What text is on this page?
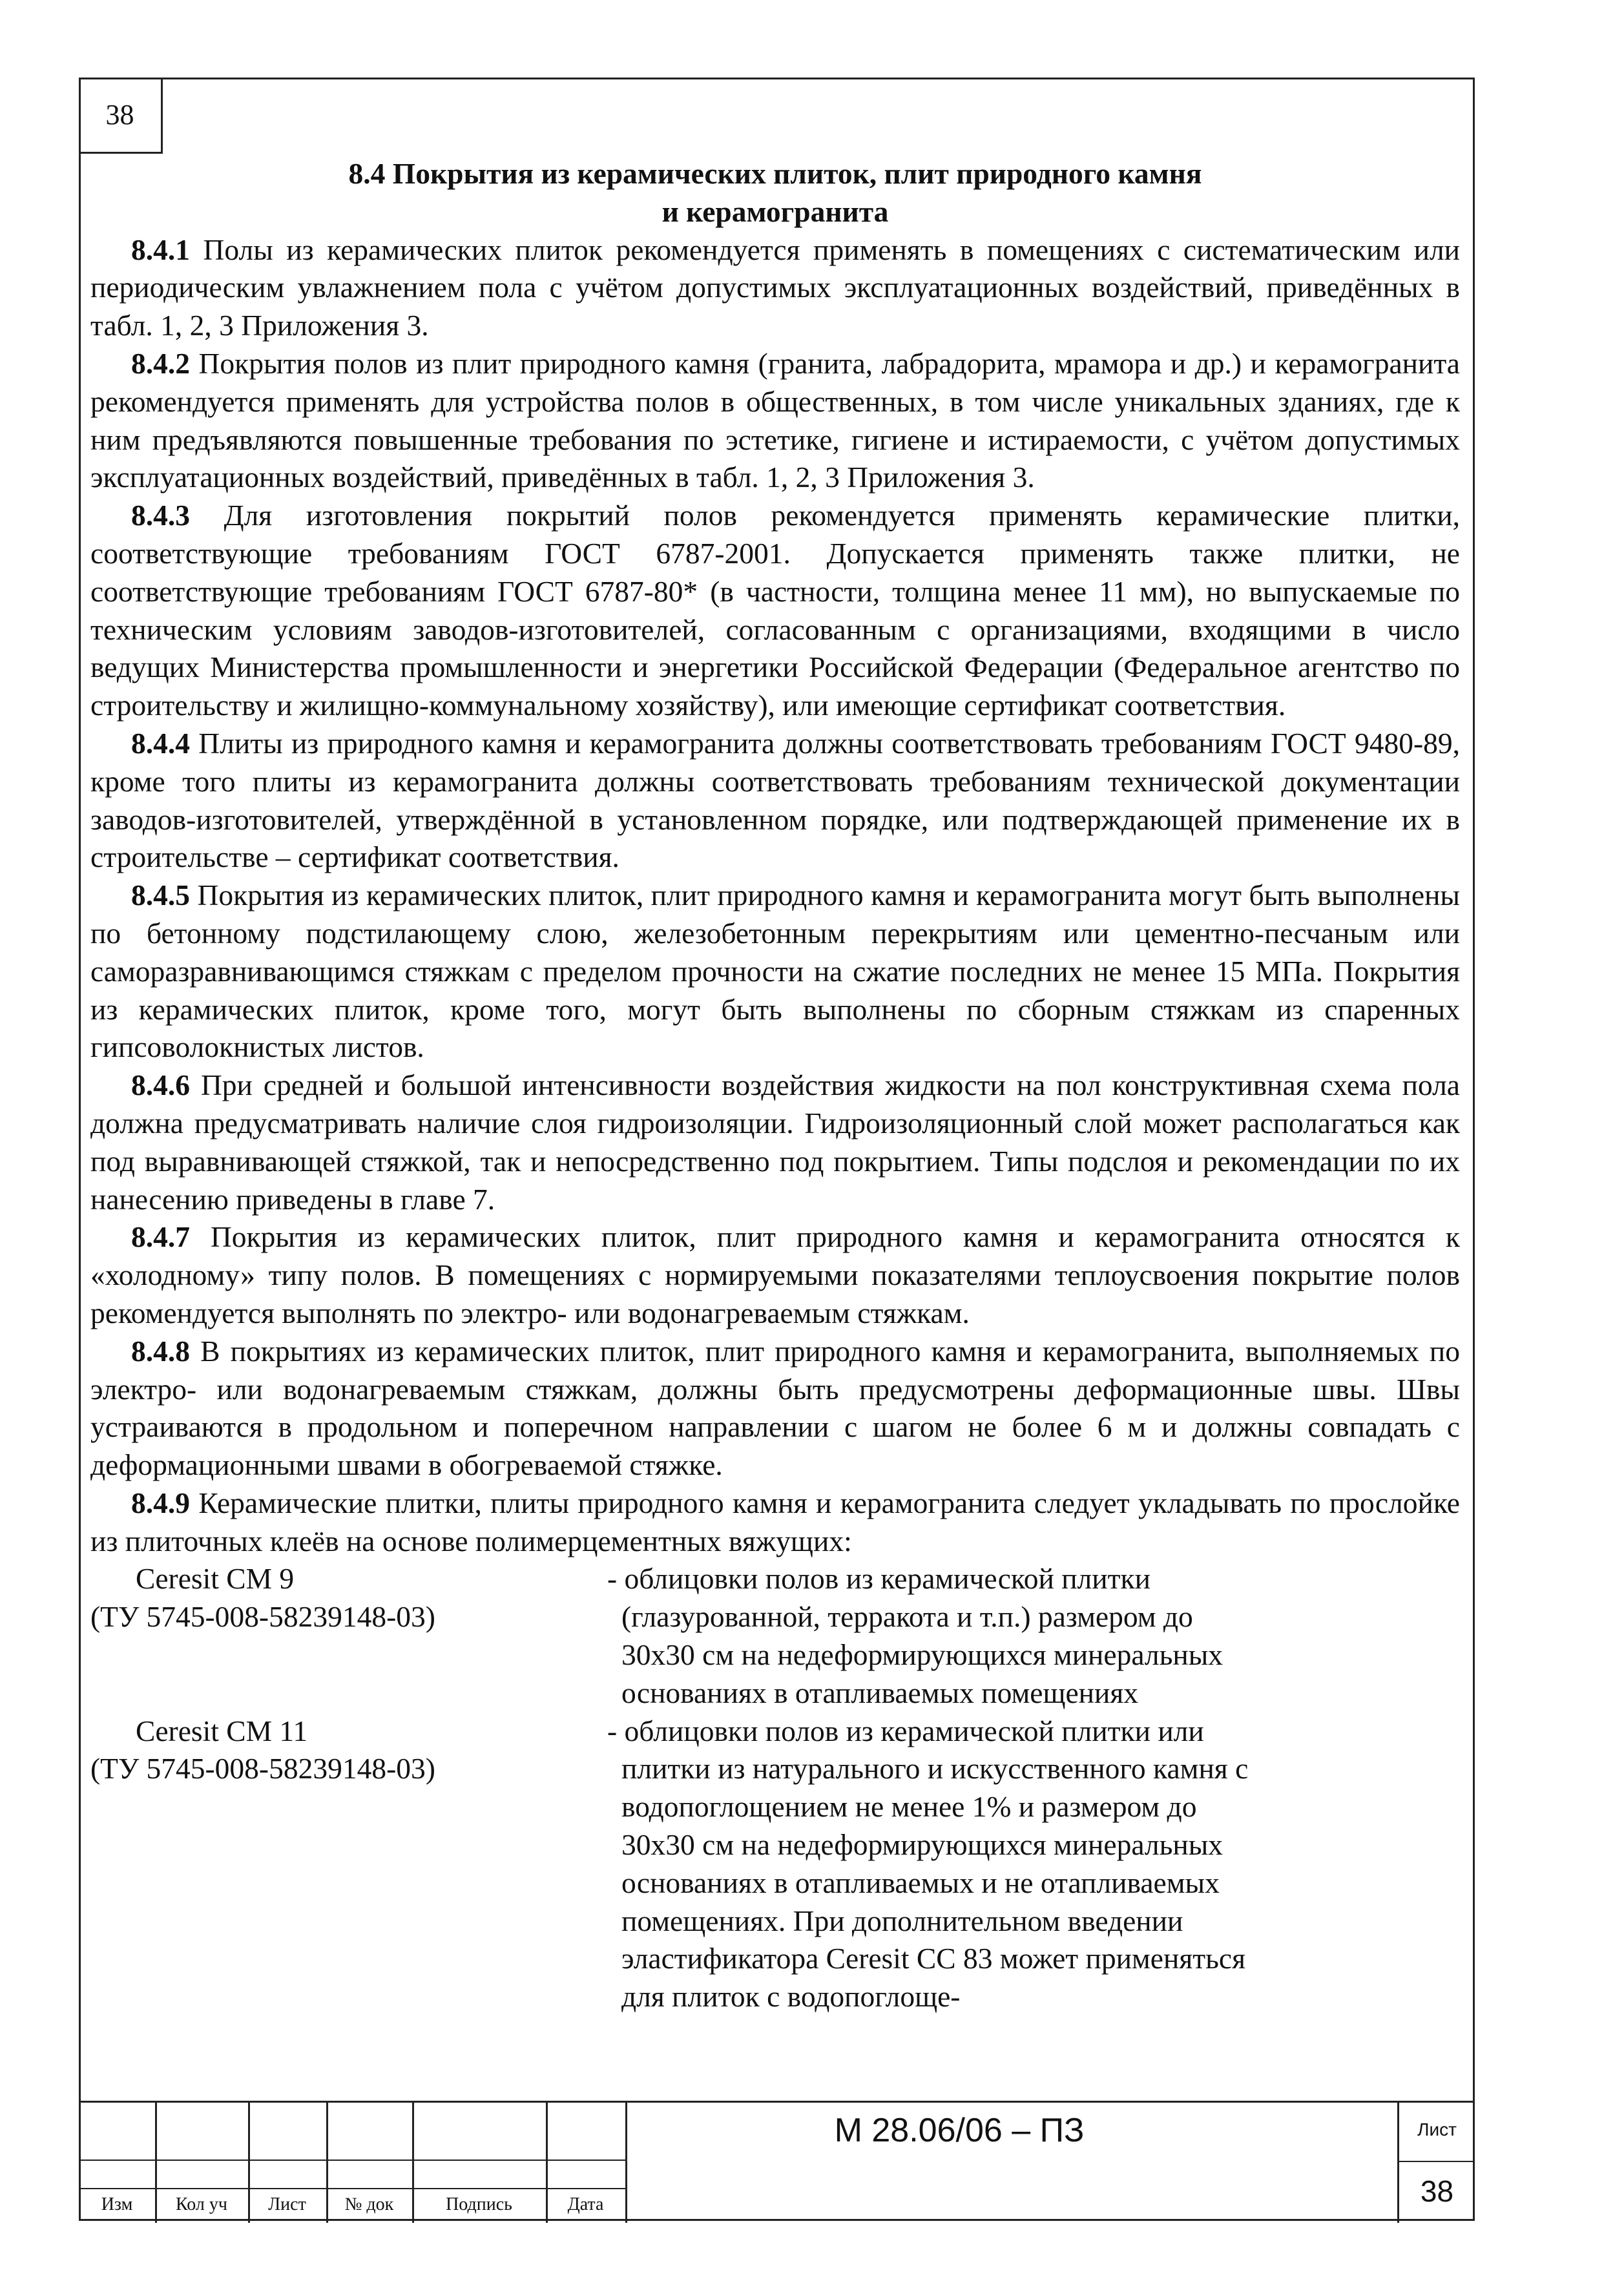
38

8.4 Покрытия из керамических плиток, плит природного камня
и керамогранита

8.4.1 Полы из керамических плиток рекомендуется применять в помещениях с систематическим или периодическим увлажнением пола с учётом допустимых эксплуатационных воздействий, приведённых в табл. 1, 2, 3 Приложения 3.

8.4.2 Покрытия полов из плит природного камня (гранита, лабрадорита, мрамора и др.) и керамогранита рекомендуется применять для устройства полов в общественных, в том числе уникальных зданиях, где к ним предъявляются повышенные требования по эстетике, гигиене и истираемости, с учётом допустимых эксплуатационных воздействий, приведённых в табл. 1, 2, 3 Приложения 3.

8.4.3 Для изготовления покрытий полов рекомендуется применять керамические плитки, соответствующие требованиям ГОСТ 6787-2001. Допускается применять также плитки, не соответствующие требованиям ГОСТ 6787-80* (в частности, толщина менее 11 мм), но выпускаемые по техническим условиям заводов-изготовителей, согласованным с организациями, входящими в число ведущих Министерства промышленности и энергетики Российской Федерации (Федеральное агентство по строительству и жилищно-коммунальному хозяйству), или имеющие сертификат соответствия.

8.4.4 Плиты из природного камня и керамогранита должны соответствовать требованиям ГОСТ 9480-89, кроме того плиты из керамогранита должны соответствовать требованиям технической документации заводов-изготовителей, утверждённой в установленном порядке, или подтверждающей применение их в строительстве – сертификат соответствия.

8.4.5 Покрытия из керамических плиток, плит природного камня и керамогранита могут быть выполнены по бетонному подстилающему слою, железобетонным перекрытиям или цементно-песчаным или саморазравнивающимся стяжкам с пределом прочности на сжатие последних не менее 15 МПа. Покрытия из керамических плиток, кроме того, могут быть выполнены по сборным стяжкам из спаренных гипсоволокнистых листов.

8.4.6 При средней и большой интенсивности воздействия жидкости на пол конструктивная схема пола должна предусматривать наличие слоя гидроизоляции. Гидроизоляционный слой может располагаться как под выравнивающей стяжкой, так и непосредственно под покрытием. Типы подслоя и рекомендации по их нанесению приведены в главе 7.

8.4.7 Покрытия из керамических плиток, плит природного камня и керамогранита относятся к «холодному» типу полов. В помещениях с нормируемыми показателями теплоусвоения покрытие полов рекомендуется выполнять по электро- или водонагреваемым стяжкам.

8.4.8 В покрытиях из керамических плиток, плит природного камня и керамогранита, выполняемых по электро- или водонагреваемым стяжкам, должны быть предусмотрены деформационные швы. Швы устраиваются в продольном и поперечном направлении с шагом не более 6 м и должны совпадать с деформационными швами в обогреваемой стяжке.

8.4.9 Керамические плитки, плиты природного камня и керамогранита следует укладывать по прослойке из плиточных клеёв на основе полимерцементных вяжущих:

Ceresit CM 9
(ТУ 5745-008-58239148-03)
- облицовки полов из керамической плитки (глазурованной, терракота и т.п.) размером до 30х30 см на недеформирующихся минеральных основаниях в отапливаемых помещениях
Ceresit CM 11
(ТУ 5745-008-58239148-03)
- облицовки полов из керамической плитки или плитки из натурального и искусственного камня с водопоглощением не менее 1% и размером до 30х30 см на недеформирующихся минеральных основаниях в отапливаемых и не отапливаемых помещениях. При дополнительном введении эластификатора Ceresit CC 83 может применяться для плиток с водопоглоще-
Изм	Кол уч	Лист	№ док	Подпись	Дата
М 28.06/06 – ПЗ	Лист
38
